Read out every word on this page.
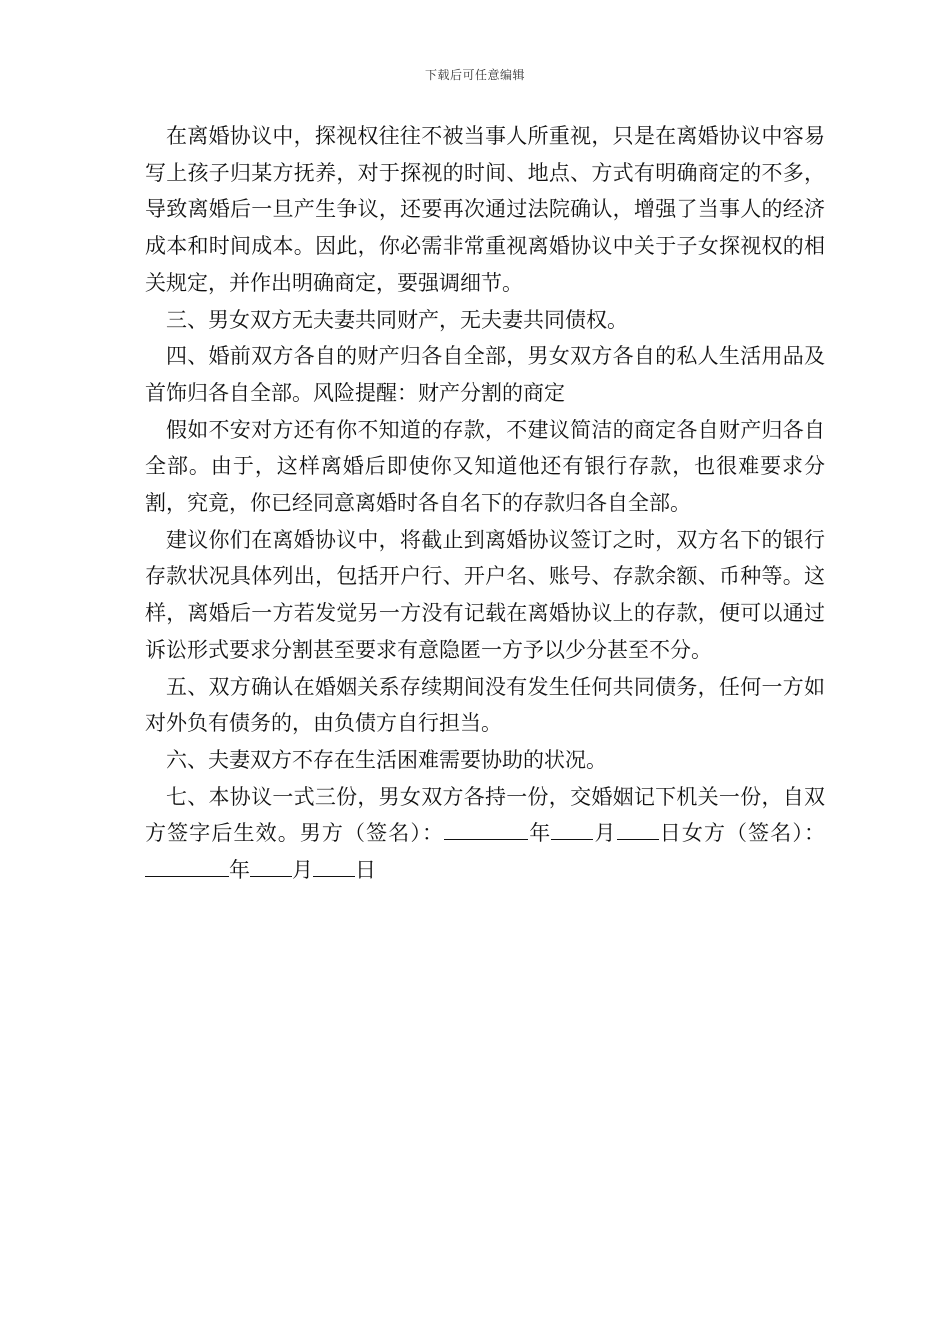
下载后可任意编辑

在离婚协议中，探视权往往不被当事人所重视，只是在离婚协议中容易写上孩子归某方抚养，对于探视的时间、地点、方式有明确商定的不多，导致离婚后一旦产生争议，还要再次通过法院确认，增强了当事人的经济成本和时间成本。因此，你必需非常重视离婚协议中关于子女探视权的相关规定，并作出明确商定，要强调细节。

三、男女双方无夫妻共同财产，无夫妻共同债权。

四、婚前双方各自的财产归各自全部，男女双方各自的私人生活用品及首饰归各自全部。风险提醒：财产分割的商定

假如不安对方还有你不知道的存款，不建议简洁的商定各自财产归各自全部。由于，这样离婚后即使你又知道他还有银行存款，也很难要求分割，究竟，你已经同意离婚时各自名下的存款归各自全部。

建议你们在离婚协议中，将截止到离婚协议签订之时，双方名下的银行存款状况具体列出，包括开户行、开户名、账号、存款余额、币种等。这样，离婚后一方若发觉另一方没有记载在离婚协议上的存款，便可以通过诉讼形式要求分割甚至要求有意隐匿一方予以少分甚至不分。

五、双方确认在婚姻关系存续期间没有发生任何共同债务，任何一方如对外负有债务的，由负债方自行担当。

六、夫妻双方不存在生活困难需要协助的状况。

七、本协议一式三份，男女双方各持一份，交婚姻记下机关一份，自双方签字后生效。男方（签名）：	年 月 日女方（签名）：年 月 日
